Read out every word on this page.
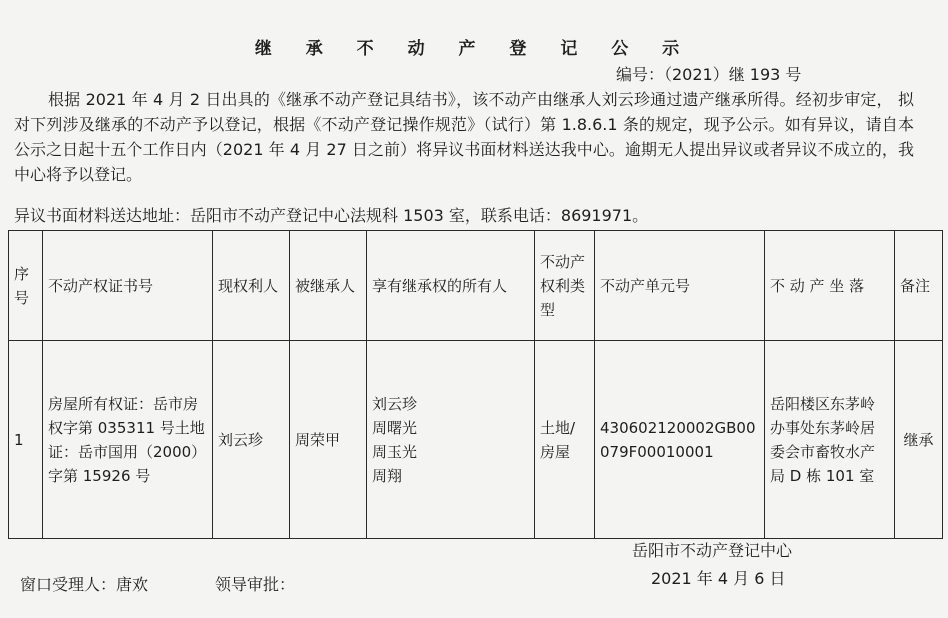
继 承 不 动 产 登 记 公 示
编号：（2021）继 193 号

根据 2021 年 4 月 2 日出具的《继承不动产登记具结书》，该不动产由继承人刘云珍通过遗产继承所得。经初步审定， 拟对下列涉及继承的不动产予以登记，根据《不动产登记操作规范》（试行）第 1.8.6.1 条的规定，现予公示。如有异议，请自本公示之日起十五个工作日内（2021 年 4 月 27 日之前）将异议书面材料送达我中心。逾期无人提出异议或者异议不成立的，我中心将予以登记。

异议书面材料送达地址：岳阳市不动产登记中心法规科 1503 室，联系电话：8691971。
序号	不动产权证书号	现权利人	被继承人	享有继承权的所有人	不动产权利类型	不动产单元号	不 动 产 坐 落	备注
1	房屋所有权证：岳市房权字第 035311 号土地证：岳市国用（2000）字第 15926 号	刘云珍	周荣甲	刘云珍
周曙光
周玉光
周翔	土地/房屋	430602120002GB00079F00010001	岳阳楼区东茅岭办事处东茅岭居委会市畜牧水产局 D 栋 101 室	继承
岳阳市不动产登记中心
2021 年 4 月 6 日
窗口受理人：唐欢	领导审批：
